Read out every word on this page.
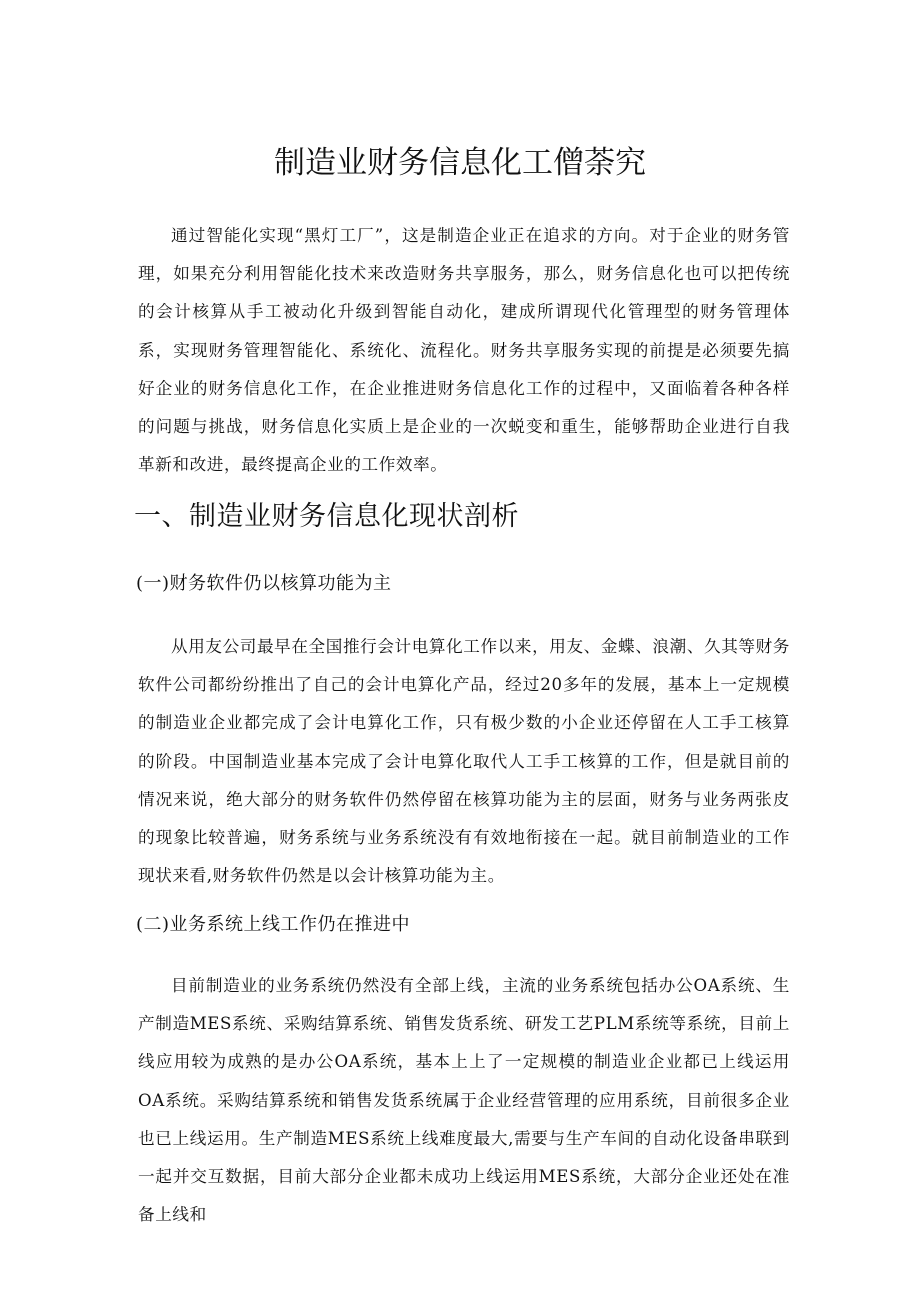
制造业财务信息化工僧荼究

通过智能化实现“黑灯工厂”，这是制造企业正在追求的方向。对于企业的财务管理，如果充分利用智能化技术来改造财务共享服务，那么，财务信息化也可以把传统的会计核算从手工被动化升级到智能自动化，建成所谓现代化管理型的财务管理体系，实现财务管理智能化、系统化、流程化。财务共享服务实现的前提是必须要先搞好企业的财务信息化工作，在企业推进财务信息化工作的过程中，又面临着各种各样的问题与挑战，财务信息化实质上是企业的一次蜕变和重生，能够帮助企业进行自我革新和改进，最终提高企业的工作效率。

一、制造业财务信息化现状剖析
(一)财务软件仍以核算功能为主

从用友公司最早在全国推行会计电算化工作以来，用友、金蝶、浪潮、久其等财务软件公司都纷纷推出了自己的会计电算化产品，经过20多年的发展，基本上一定规模的制造业企业都完成了会计电算化工作，只有极少数的小企业还停留在人工手工核算的阶段。中国制造业基本完成了会计电算化取代人工手工核算的工作，但是就目前的情况来说，绝大部分的财务软件仍然停留在核算功能为主的层面，财务与业务两张皮的现象比较普遍，财务系统与业务系统没有有效地衔接在一起。就目前制造业的工作现状来看,财务软件仍然是以会计核算功能为主。

(二)业务系统上线工作仍在推进中

目前制造业的业务系统仍然没有全部上线，主流的业务系统包括办公OA系统、生产制造MES系统、采购结算系统、销售发货系统、研发工艺PLM系统等系统，目前上线应用较为成熟的是办公OA系统，基本上上了一定规模的制造业企业都已上线运用OA系统。采购结算系统和销售发货系统属于企业经营管理的应用系统，目前很多企业也已上线运用。生产制造MES系统上线难度最大,需要与生产车间的自动化设备串联到一起并交互数据，目前大部分企业都未成功上线运用MES系统，大部分企业还处在准备上线和
